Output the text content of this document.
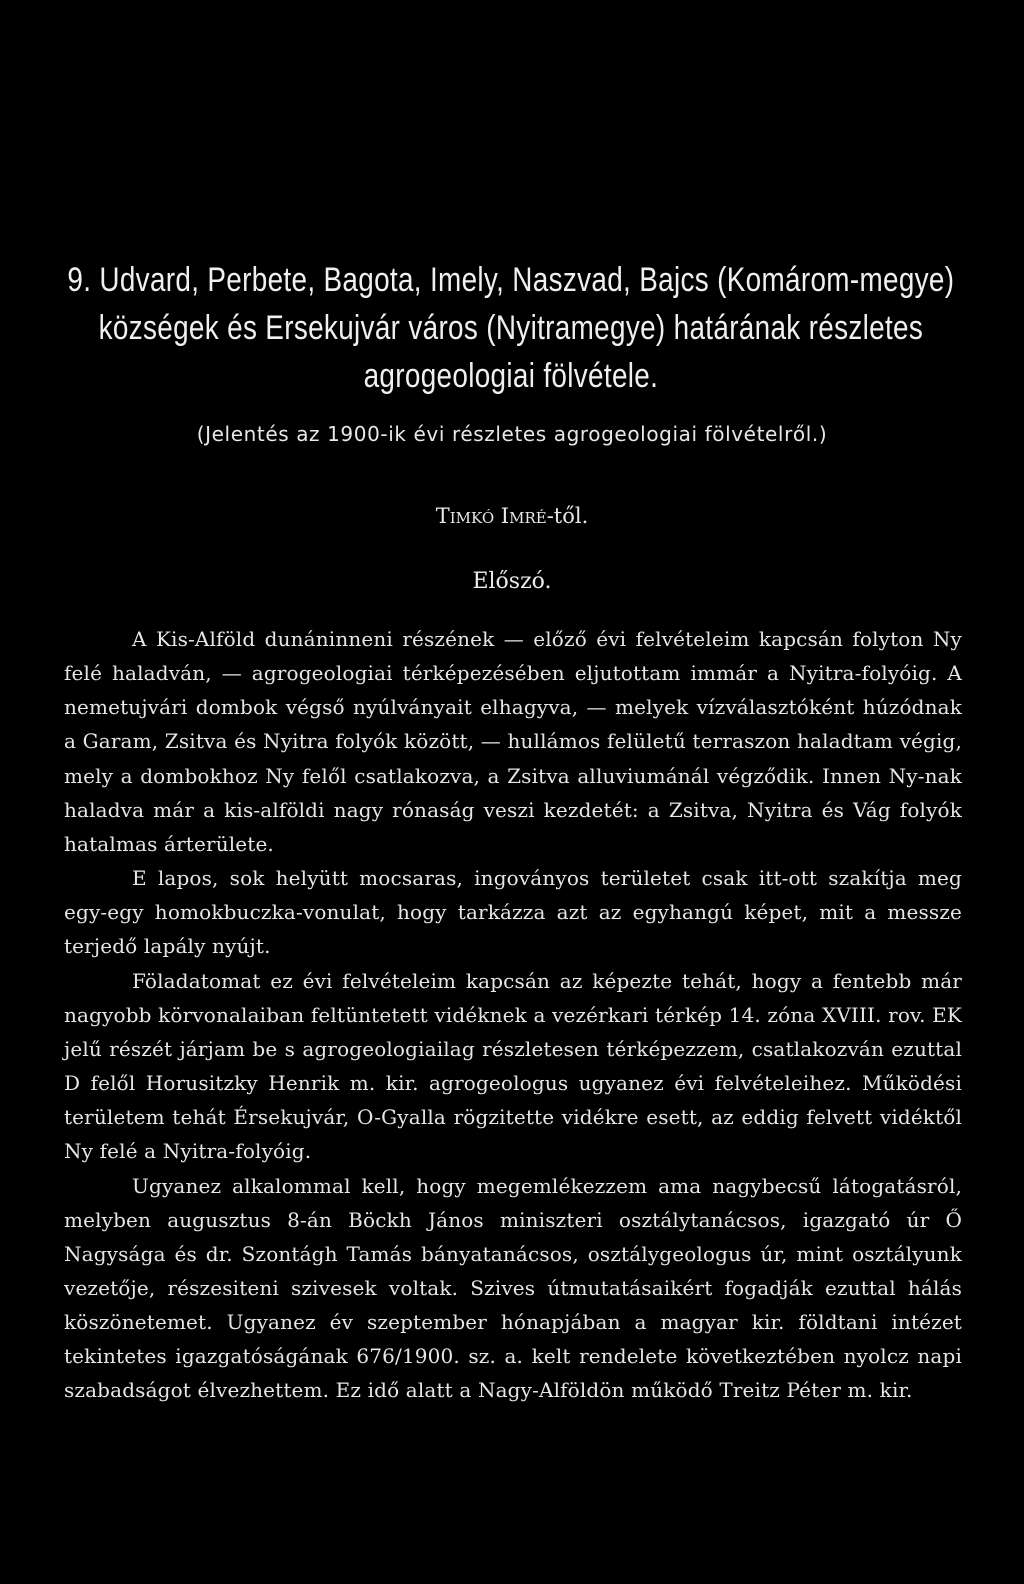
9. Udvard, Perbete, Bagota, Imely, Naszvad, Bajcs (Komárom-megye) községek és Ersekujvár város (Nyitramegye) határának részletes agrogeologiai fölvétele.
(Jelentés az 1900-ik évi részletes agrogeologiai fölvételről.)
Timkó Imré-től.
Előszó.

A Kis-Alföld dunáninneni részének — előző évi felvételeim kapcsán folyton Ny felé haladván, — agrogeologiai térképezésében eljutottam immár a Nyitra-folyóig. A nemetujvári dombok végső nyúlványait elhagyva, — melyek vízválasztóként húzódnak a Garam, Zsitva és Nyitra folyók között, — hullámos felületű terraszon haladtam végig, mely a dombokhoz Ny felől csatlakozva, a Zsitva alluviumánál végződik. Innen Ny-nak haladva már a kis-alföldi nagy rónaság veszi kezdetét: a Zsitva, Nyitra és Vág folyók hatalmas árterülete.

E lapos, sok helyütt mocsaras, ingoványos területet csak itt-ott szakítja meg egy-egy homokbuczka-vonulat, hogy tarkázza azt az egyhangú képet, mit a messze terjedő lapály nyújt.

Föladatomat ez évi felvételeim kapcsán az képezte tehát, hogy a fentebb már nagyobb körvonalaiban feltüntetett vidéknek a vezérkari térkép 14. zóna XVIII. rov. EK jelű részét járjam be s agrogeologiailag részletesen térképezzem, csatlakozván ezuttal D felől Horusitzky Henrik m. kir. agrogeologus ugyanez évi felvételeihez. Működési területem tehát Érsekujvár, O-Gyalla rögzitette vidékre esett, az eddig felvett vidéktől Ny felé a Nyitra-folyóig.

Ugyanez alkalommal kell, hogy megemlékezzem ama nagybecsű látogatásról, melyben augusztus 8-án Böckh János miniszteri osztálytanácsos, igazgató úr Ő Nagysága és dr. Szontágh Tamás bányatanácsos, osztálygeologus úr, mint osztályunk vezetője, részesiteni szivesek voltak. Szives útmutatásaikért fogadják ezuttal hálás köszönetemet. Ugyanez év szeptember hónapjában a magyar kir. földtani intézet tekintetes igazgatóságának 676/1900. sz. a. kelt rendelete következtében nyolcz napi szabadságot élvezhettem. Ez idő alatt a Nagy-Alföldön működő Treitz Péter m. kir.
